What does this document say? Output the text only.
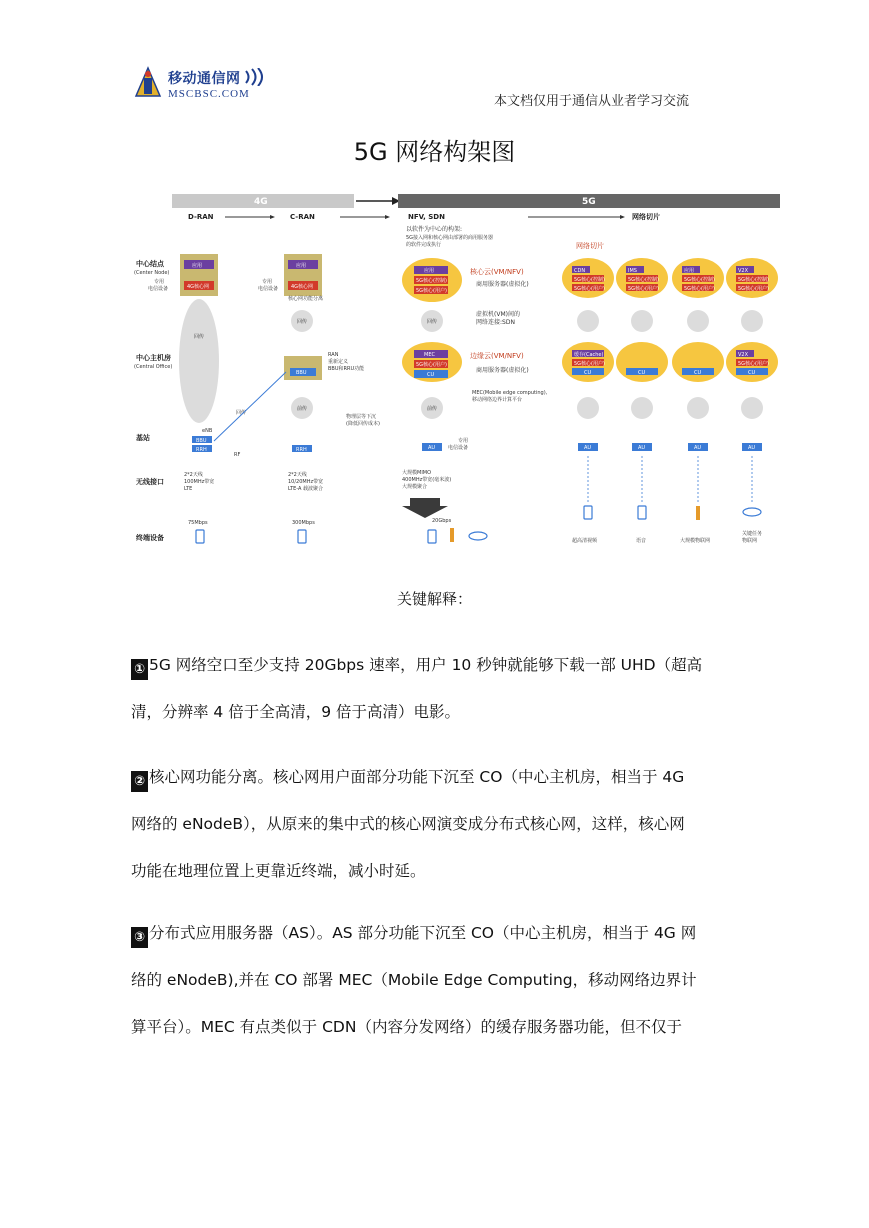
移动通信网
MSCBSC.COM	本文档仅用于通信从业者学习交流
5G 网络构架图
4G	5G
D-RAN	C-RAN	NFV, SDN	网络切片
以软件为中心的构架:
5G接入网和核心网由部署的商用服务器
的软件完成执行
中心结点
(Center Node)
中心主机房
(Central Office)
基站
无线接口
终端设备
应用
4G核心网
专用
电信设备
回传
BBU
RRH
eNB
2*2天线
100MHz带宽
LTE
75Mbps
应用
4G核心网
专用
电信设备
核心网功能分离
回传
BBU
RAN
重新定义
BBU和RRU功能
前传
RRH
2*2天线
10/20MHz带宽
LTE-A 载波聚合
300Mbps
回传
RF
应用
5G核心(控制)
5G核心(用户)
核心云(VM/NFV)
商用服务器(虚拟化)
回传
虚拟机(VM)间的
网络连接:SDN
MEC
5G核心(用户)
CU
边缘云(VM/NFV)
商用服务器(虚拟化)
MEC(Mobile edge computing),
移动网络边界计算平台
前传
物理层等下沉
(降低回传成本)
AU
专用
电信设备
大规模MIMO
400MHz带宽(毫米波)
大规模聚合
20Gbps
网络切片
CDN
5G核心(控制)
5G核心(用户)
缓存(Cache)
5G核心(用户)
CU
AU
超高清视频
IMS
5G核心(控制)
5G核心(用户)
CU
AU
语音
应用
5G核心(控制)
5G核心(用户)
CU
AU
大规模物联网
V2X
5G核心(控制)
5G核心(用户)
V2X
5G核心(用户)
CU
AU
关键任务
物联网
关键解释：

① 5G 网络空口至少支持 20Gbps 速率，用户 10 秒钟就能够下载一部 UHD（超高
清，分辨率 4 倍于全高清，9 倍于高清）电影。

② 核心网功能分离。核心网用户面部分功能下沉至 CO（中心主机房，相当于 4G
网络的 eNodeB），从原来的集中式的核心网演变成分布式核心网，这样，核心网
功能在地理位置上更靠近终端，减小时延。

③ 分布式应用服务器（AS）。AS 部分功能下沉至 CO（中心主机房，相当于 4G 网
络的 eNodeB),并在 CO 部署 MEC（Mobile Edge Computing，移动网络边界计
算平台）。MEC 有点类似于 CDN（内容分发网络）的缓存服务器功能，但不仅于
